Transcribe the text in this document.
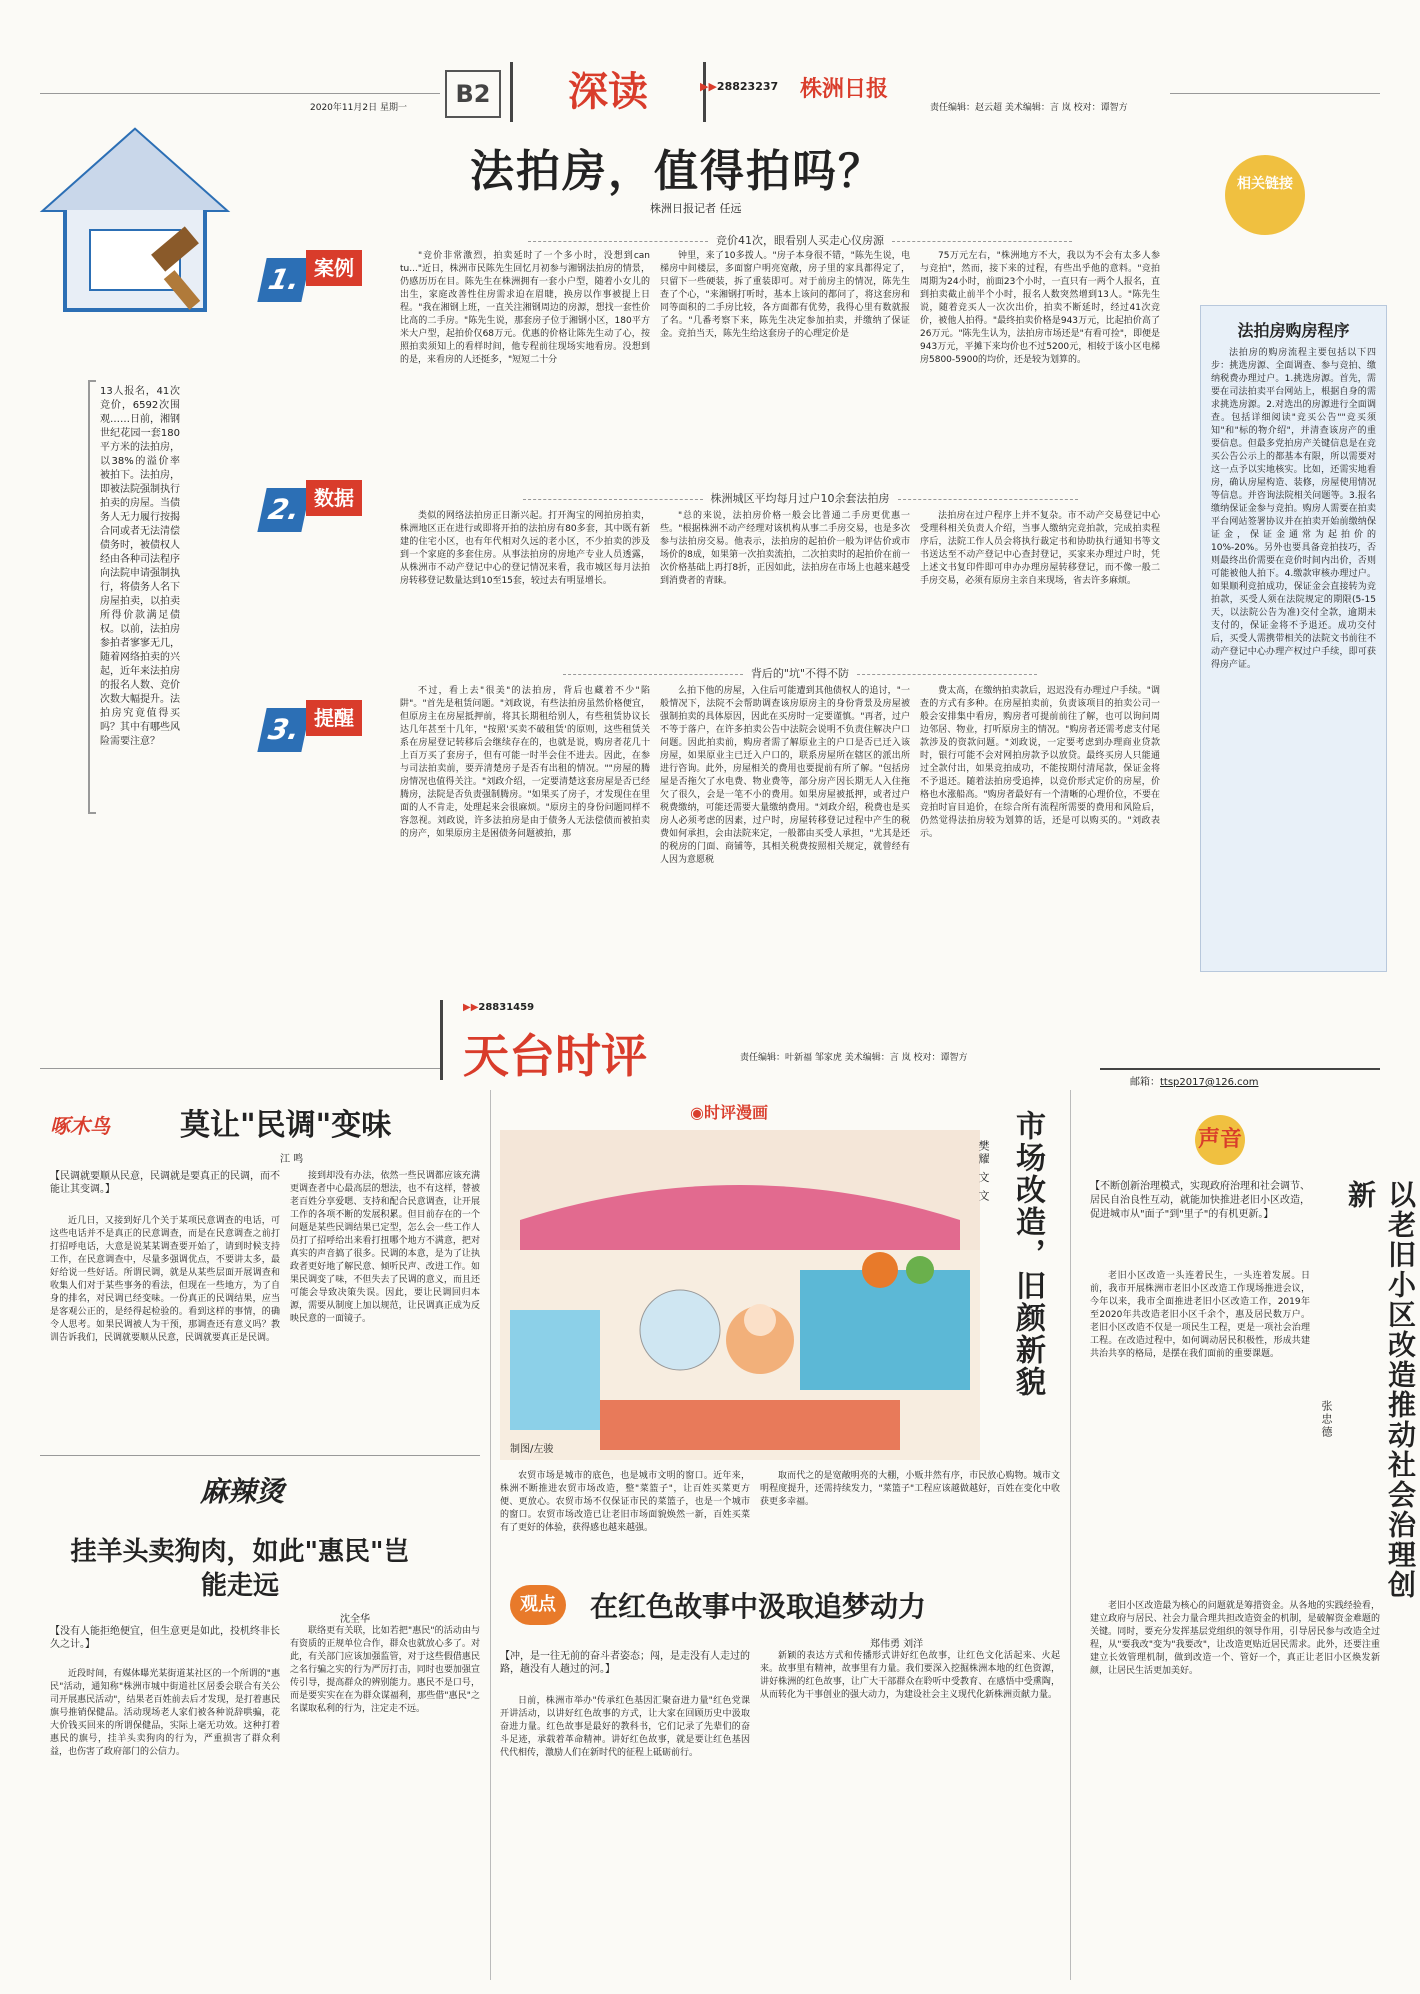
B2	深读	▶▶28823237 株洲日报
责任编辑：赵云超 美术编辑：言 岚 校对：谭智方
2020年11月2日 星期一
法拍房，值得拍吗？
株洲日报记者 任远
相关链接

13人报名，41次竞价，6592次围观……日前，湘钢世纪花园一套180平方米的法拍房，以38%的溢价率被拍下。法拍房，即被法院强制执行拍卖的房屋。当债务人无力履行按揭合同或者无法清偿债务时，被债权人经由各种司法程序向法院申请强制执行，将债务人名下房屋拍卖，以拍卖所得价款满足债权。以前，法拍房参拍者寥寥无几，随着网络拍卖的兴起，近年来法拍房的报名人数、竞价次数大幅提升。法拍房究竟值得买吗？其中有哪些风险需要注意？

1. 案例
竞价41次，眼看别人买走心仪房源

"竞价非常激烈，拍卖延时了一个多小时，没想到can tu..."近日，株洲市民陈先生回忆月初参与湘钢法拍房的情景，仍感历历在目。陈先生在株洲拥有一套小户型，随着小女儿的出生，家庭改善性住房需求迫在眉睫，换房以作事被提上日程。"我在湘钢上班，一直关注湘钢周边的房源，想找一套性价比高的二手房。"陈先生说，那套房子位于湘钢小区，180平方米大户型，起拍价仅68万元。优惠的价格让陈先生动了心，按照拍卖须知上的看样时间，他专程前往现场实地看房。没想到的是，来看房的人还挺多，"短短二十分

钟里，来了10多拨人。"房子本身很不错，"陈先生说，电梯房中间楼层，多面窗户明亮宽敞，房子里的家具都得定了，只留下一些硬装，拆了重装即可。对于前房主的情况，陈先生查了个心，"来湘钢打听时，基本上该问的都问了，将这套房和同等面积的二手房比较，各方面都有优势，我得心里有数就报了名。"几番考察下来，陈先生决定参加拍卖，并缴纳了保证金。竞拍当天，陈先生给这套房子的心理定价是

75万元左右，"株洲地方不大，我以为不会有太多人参与竞拍"，然而，接下来的过程，有些出乎他的意料。"竞拍周期为24小时，前面23个小时，一直只有一两个人报名，直到拍卖截止前半个小时，报名人数突然增到13人。"陈先生说，随着竞买人一次次出价，拍卖不断延时，经过41次竞价，被他人拍得。"最终拍卖价格是943万元，比起拍价高了26万元。"陈先生认为，法拍房市场还是"有看可捡"，即便是943万元，平摊下来均价也不过5200元，相较于该小区电梯房5800-5900的均价，还是较为划算的。

2. 数据	株洲城区平均每月过户10余套法拍房

类似的网络法拍房正日渐兴起。打开淘宝的网拍房拍卖，株洲地区正在进行或即将开拍的法拍房有80多套，其中既有新建的住宅小区，也有年代相对久远的老小区，不少拍卖的涉及到一个家庭的多套住房。从事法拍房的房地产专业人员透露，从株洲市不动产登记中心的登记情况来看，我市城区每月法拍房转移登记数量达到10至15套，较过去有明显增长。

"总的来说，法拍房价格一般会比普通二手房更优惠一些。"根据株洲不动产经理对该机构从事二手房交易，也是多次参与法拍房交易。他表示，法拍房的起拍价一般为评估价或市场价的8成，如果第一次拍卖流拍，二次拍卖时的起拍价在前一次价格基础上再打8折，正因如此，法拍房在市场上也越来越受到消费者的青睐。

法拍房在过户程序上并不复杂。市不动产交易登记中心受理科相关负责人介绍，当事人缴纳完竞拍款，完成拍卖程序后，法院工作人员会将执行裁定书和协助执行通知书等文书送达至不动产登记中心查封登记，买家来办理过户时，凭上述文书复印件即可申办办理房屋转移登记，而不像一般二手房交易，必须有原房主亲自来现场，省去许多麻烦。

3. 提醒
背后的"坑"不得不防

不过，看上去"很美"的法拍房，背后也藏着不少"陷阱"。"首先是租赁问题。"刘政说，有些法拍房虽然价格便宜，但原房主在房屋抵押前，将其长期租给别人，有些租赁协议长达几年甚至十几年，"按照'买卖不破租赁'的原则，这些租赁关系在房屋登记转移后会继续存在的，也就是说，购房者花几十上百万买了套房子，但有可能一时半会住不进去。因此，在参与司法拍卖前，要弄清楚房子是否有出租的情况。""房屋的腾房情况也值得关注。"刘政介绍，一定要清楚这套房屋是否已经腾房，法院是否负责强制腾房。"如果买了房子，才发现住在里面的人不肯走，处理起来会很麻烦。"原房主的身份问题同样不容忽视。刘政说，许多法拍房是由于债务人无法偿债而被拍卖的房产，如果原房主是困债务问题被拍，那

么拍下他的房屋，入住后可能遭到其他债权人的追讨，"一般情况下，法院不会帮助调查该房原房主的身份背景及房屋被强制拍卖的具体原因，因此在买房时一定要谨慎。"再者，过户不等于落户，在许多拍卖公告中法院会说明不负责住解决户口问题。因此拍卖前，购房者需了解原业主的户口是否已迁入该房屋，如果原业主已迁入户口的，联系房屋所在辖区的派出所进行咨询。此外，房屋相关的费用也要提前有所了解。"包括房屋是否拖欠了水电费、物业费等，部分房产因长期无人入住拖欠了很久，会是一笔不小的费用。如果房屋被抵押，或者过户税费缴纳，可能还需要大量缴纳费用。"刘政介绍，税费也是买房人必须考虑的因素，过户时，房屋转移登记过程中产生的税费如何承担，会由法院来定，一般都由买受人承担，"尤其是还的税房的门面、商铺等，其相关税费按照相关规定，就曾经有人因为意愿税

费太高，在缴纳拍卖款后，迟迟没有办理过户手续。"调查的方式有多种。在房屋拍卖前，负责该项目的拍卖公司一般会安排集中看房，购房者可提前前往了解，也可以询问周边邻居、物业，打听原房主的情况。"购房者还需考虑支付尾款涉及的资款问题。"刘政说，一定要考虑到办理商业贷款时，银行可能不会对网拍房款予以放贷。最终买房人只能通过全款付出，如果竞拍成功，不能按期付清尾款，保证金将不予退还。随着法拍房受追捧，以竞价形式定价的房屋，价格也水涨船高。"购房者最好有一个清晰的心理价位，不要在竞拍时盲目追价，在综合所有流程所需要的费用和风险后，仍然觉得法拍房较为划算的话，还是可以购买的。"刘政表示。

法拍房购房程序

法拍房的购房流程主要包括以下四步：挑选房源、全面调查、参与竞拍、缴纳税费办理过户。1.挑选房源。首先，需要在司法拍卖平台网站上，根据自身的需求挑选房源。2.对选出的房源进行全面调查。包括详细阅读"竞买公告""竞买须知"和"标的物介绍"，并清查该房产的重要信息。但最多党拍房产关键信息是在竞买公告公示上的都基本有限，所以需要对这一点予以实地核实。比如，还需实地看房，确认房屋构造、装修，房屋使用情况等信息。并咨询法院相关问题等。3.报名缴纳保证金参与竞拍。购房人需要在拍卖平台网站签署协议并在拍卖开始前缴纳保证金，保证金通常为起拍价的10%-20%。另外也要具备竞拍技巧，否则最终出价需要在竞价时间内出价，否则可能被他人拍下。4.缴款审核办理过户。如果顺利竞拍成功，保证金会直接转为竞拍款，买受人须在法院规定的期限(5-15天，以法院公告为准)交付全款，逾期未支付的，保证金将不予退还。成功交付后，买受人需携带相关的法院文书前往不动产登记中心办理产权过户手续，即可获得房产证。

▶▶28831459
天台时评	责任编辑：叶新福 邹家虎 美术编辑：言 岚 校对：谭智方
邮箱：ttsp2017@126.com
啄木鸟 莫让"民调"变味
江 鸣
【民调就要顺从民意，民调就是要真正的民调，而不能让其变调。】

近几日，又接到好几个关于某项民意调查的电话，可这些电话并不是真正的民意调查，而是在民意调查之前打打招呼电话，大意是说某某调查要开始了，请到时候支持工作，在民意调查中，尽量多强调优点，不要讲太多，最好给说一些好话。所谓民调，就是从某些层面开展调查和收集人们对于某些事务的看法，但现在一些地方，为了自身的排名，对民调已经变味。一份真正的民调结果，应当是客观公正的，是经得起检验的。看到这样的事情，的确令人思考。如果民调被人为干预，那调查还有意义吗？教训告诉我们，民调就要顺从民意，民调就要真正是民调。

接到却没有办法，依然一些民调都应该充满更调查者中心最高层的想法，也不有这样，替被老百姓分享爱嗯、支持和配合民意调查，让开展工作的各项不断的发展积累。但目前存在的一个问题是某些民调结果已定型，怎么会一些工作人员打了招呼给出来看打扭哪个地方不满意，把对真实的声音搞了很多。民调的本意，是为了让执政者更好地了解民意、倾听民声、改进工作。如果民调变了味，不但失去了民调的意义，而且还可能会导致决策失误。因此，要让民调回归本源，需要从制度上加以规范，让民调真正成为反映民意的一面镜子。

麻辣烫
挂羊头卖狗肉，如此"惠民"岂能走远
沈全华
【没有人能拒绝便宜，但生意更是如此，投机终非长久之计。】

近段时间，有媒体曝光某街道某社区的一个所谓的"惠民"活动，通知称"株洲市城中街道社区居委会联合有关公司开展惠民活动"，结果老百姓前去后才发现，是打着惠民旗号推销保健品。活动现场老人家们被各种说辞哄骗，花大价钱买回来的所谓保健品，实际上毫无功效。这种打着惠民的旗号，挂羊头卖狗肉的行为，严重损害了群众利益，也伤害了政府部门的公信力。

联络更有关联，比如若把"惠民"的活动由与有资质的正规单位合作，群众也就放心多了。对此，有关部门应该加强监管，对于这些假借惠民之名行骗之实的行为严厉打击，同时也要加强宣传引导，提高群众的辨别能力。惠民不是口号，而是要实实在在为群众谋福利，那些借"惠民"之名谋取私利的行为，注定走不远。

◉时评漫画
制图/左骏
市场改造，旧颜新貌
樊耀 文 文

农贸市场是城市的底色，也是城市文明的窗口。近年来，株洲不断推进农贸市场改造，整"菜篮子"，让百姓买菜更方便、更放心。农贸市场不仅保证市民的菜篮子，也是一个城市的窗口。农贸市场改造已让老旧市场面貌焕然一新，百姓买菜有了更好的体验，获得感也越来越强。

取而代之的是宽敞明亮的大棚，小贩井然有序，市民放心购物。城市文明程度提升，还需持续发力，"菜篮子"工程应该越做越好，百姓在变化中收获更多幸福。

观点	在红色故事中汲取追梦动力
郑伟勇 刘洋
【冲，是一往无前的奋斗者姿态；闯，是走没有人走过的路，趟没有人趟过的河。】

日前，株洲市举办"传承红色基因汇聚奋进力量"红色党课开讲活动，以讲好红色故事的方式，让大家在回顾历史中汲取奋进力量。红色故事是最好的教科书，它们记录了先辈们的奋斗足迹，承载着革命精神。讲好红色故事，就是要让红色基因代代相传，激励人们在新时代的征程上砥砺前行。

新颖的表达方式和传播形式讲好红色故事，让红色文化活起来、火起来。故事里有精神，故事里有力量。我们要深入挖掘株洲本地的红色资源，讲好株洲的红色故事，让广大干部群众在聆听中受教育、在感悟中受熏陶，从而转化为干事创业的强大动力，为建设社会主义现代化新株洲贡献力量。

声音
【不断创新治理模式，实现政府治理和社会调节、居民自治良性互动，就能加快推进老旧小区改造，促进城市从"面子"到"里子"的有机更新。】

老旧小区改造一头连着民生，一头连着发展。日前，我市开展株洲市老旧小区改造工作现场推进会议，今年以来，我市全面推进老旧小区改造工作，2019年至2020年共改造老旧小区千余个，惠及居民数万户。老旧小区改造不仅是一项民生工程，更是一项社会治理工程。在改造过程中，如何调动居民积极性，形成共建共治共享的格局，是摆在我们面前的重要课题。

老旧小区改造最为核心的问题就是筹措资金。从各地的实践经验看，建立政府与居民、社会力量合理共担改造资金的机制，是破解资金难题的关键。同时，要充分发挥基层党组织的领导作用，引导居民参与改造全过程，从"要我改"变为"我要改"，让改造更贴近居民需求。此外，还要注重建立长效管理机制，做到改造一个、管好一个，真正让老旧小区焕发新颜，让居民生活更加美好。

以老旧小区改造推动社会治理创新
张忠德
